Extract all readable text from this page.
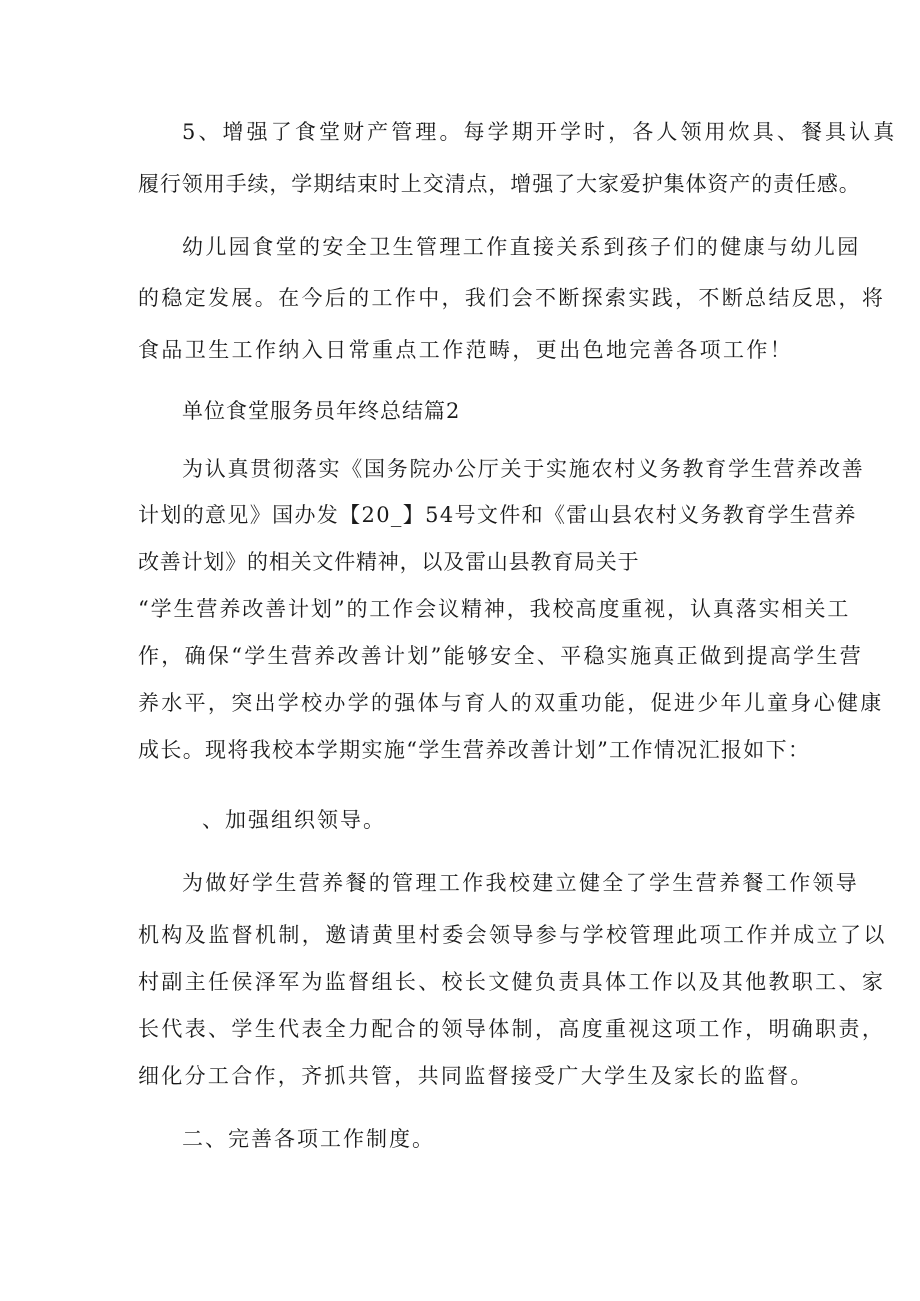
5、增强了食堂财产管理。每学期开学时，各人领用炊具、餐具认真

履行领用手续，学期结束时上交清点，增强了大家爱护集体资产的责任感。

幼儿园食堂的安全卫生管理工作直接关系到孩子们的健康与幼儿园

的稳定发展。在今后的工作中，我们会不断探索实践，不断总结反思，将

食品卫生工作纳入日常重点工作范畴，更出色地完善各项工作！

单位食堂服务员年终总结篇2

为认真贯彻落实《国务院办公厅关于实施农村义务教育学生营养改善

计划的意见》国办发【20_】54号文件和《雷山县农村义务教育学生营养

改善计划》的相关文件精神，以及雷山县教育局关于

“学生营养改善计划”的工作会议精神，我校高度重视，认真落实相关工

作，确保“学生营养改善计划”能够安全、平稳实施真正做到提高学生营

养水平，突出学校办学的强体与育人的双重功能，促进少年儿童身心健康

成长。现将我校本学期实施“学生营养改善计划”工作情况汇报如下：

、加强组织领导。

为做好学生营养餐的管理工作我校建立健全了学生营养餐工作领导

机构及监督机制，邀请黄里村委会领导参与学校管理此项工作并成立了以

村副主任侯泽军为监督组长、校长文健负责具体工作以及其他教职工、家

长代表、学生代表全力配合的领导体制，高度重视这项工作，明确职责，

细化分工合作，齐抓共管，共同监督接受广大学生及家长的监督。

二、完善各项工作制度。
